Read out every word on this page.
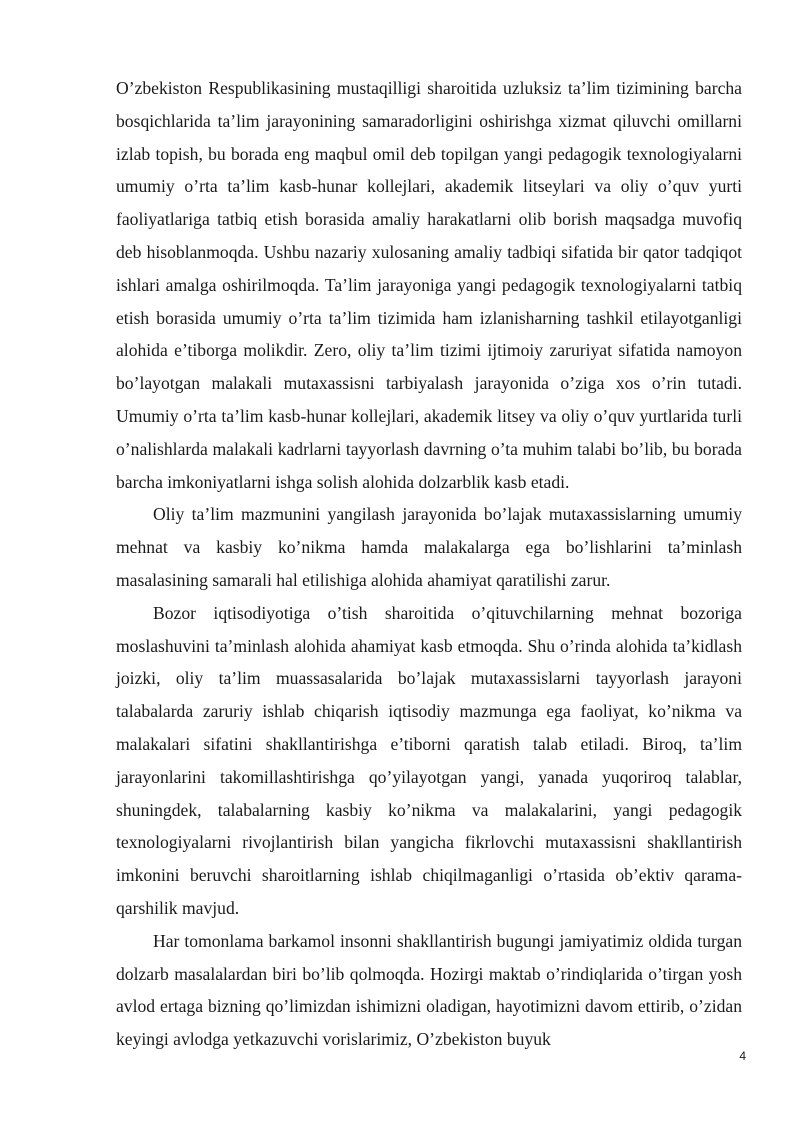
O’zbekiston Respublikasining mustaqilligi sharoitida uzluksiz ta’lim tizimining barcha bosqichlarida ta’lim jarayonining samaradorligini oshirishga xizmat qiluvchi omillarni izlab topish, bu borada eng maqbul omil deb topilgan yangi pedagogik texnologiyalarni umumiy o’rta ta’lim kasb-hunar kollejlari, akademik litseylari va oliy o’quv yurti faoliyatlariga tatbiq etish borasida amaliy harakatlarni olib borish maqsadga muvofiq deb hisoblanmoqda. Ushbu nazariy xulosaning amaliy tadbiqi sifatida bir qator tadqiqot ishlari amalga oshirilmoqda. Ta’lim jarayoniga yangi pedagogik texnologiyalarni tatbiq etish borasida umumiy o’rta ta’lim tizimida ham izlanisharning tashkil etilayotganligi alohida e’tiborga molikdir. Zero, oliy ta’lim tizimi ijtimoiy zaruriyat sifatida namoyon bo’layotgan malakali mutaxassisni tarbiyalash jarayonida o’ziga xos o’rin tutadi. Umumiy o’rta ta’lim kasb-hunar kollejlari, akademik litsey va oliy o’quv yurtlarida turli o’nalishlarda malakali kadrlarni tayyorlash davrning o’ta muhim talabi bo’lib, bu borada barcha imkoniyatlarni ishga solish alohida dolzarblik kasb etadi.

Oliy ta’lim mazmunini yangilash jarayonida bo’lajak mutaxassislarning umumiy mehnat va kasbiy ko’nikma hamda malakalarga ega bo’lishlarini ta’minlash masalasining samarali hal etilishiga alohida ahamiyat qaratilishi zarur.

Bozor iqtisodiyotiga o’tish sharoitida o’qituvchilarning mehnat bozoriga moslashuvini ta’minlash alohida ahamiyat kasb etmoqda. Shu o’rinda alohida ta’kidlash joizki, oliy ta’lim muassasalarida bo’lajak mutaxassislarni tayyorlash jarayoni talabalarda zaruriy ishlab chiqarish iqtisodiy mazmunga ega faoliyat, ko’nikma va malakalari sifatini shakllantirishga e’tiborni qaratish talab etiladi. Biroq, ta’lim jarayonlarini takomillashtirishga qo’yilayotgan yangi, yanada yuqoriroq talablar, shuningdek, talabalarning kasbiy ko’nikma va malakalarini, yangi pedagogik texnologiyalarni rivojlantirish bilan yangicha fikrlovchi mutaxassisni shakllantirish imkonini beruvchi sharoitlarning ishlab chiqilmaganligi o’rtasida ob’ektiv qarama-qarshilik mavjud.

Har tomonlama barkamol insonni shakllantirish bugungi jamiyatimiz oldida turgan dolzarb masalalardan biri bo’lib qolmoqda. Hozirgi maktab o’rindiqlarida o’tirgan yosh avlod ertaga bizning qo’limizdan ishimizni oladigan, hayotimizni davom ettirib, o’zidan keyingi avlodga yetkazuvchi vorislarimiz, O’zbekiston buyuk

4
